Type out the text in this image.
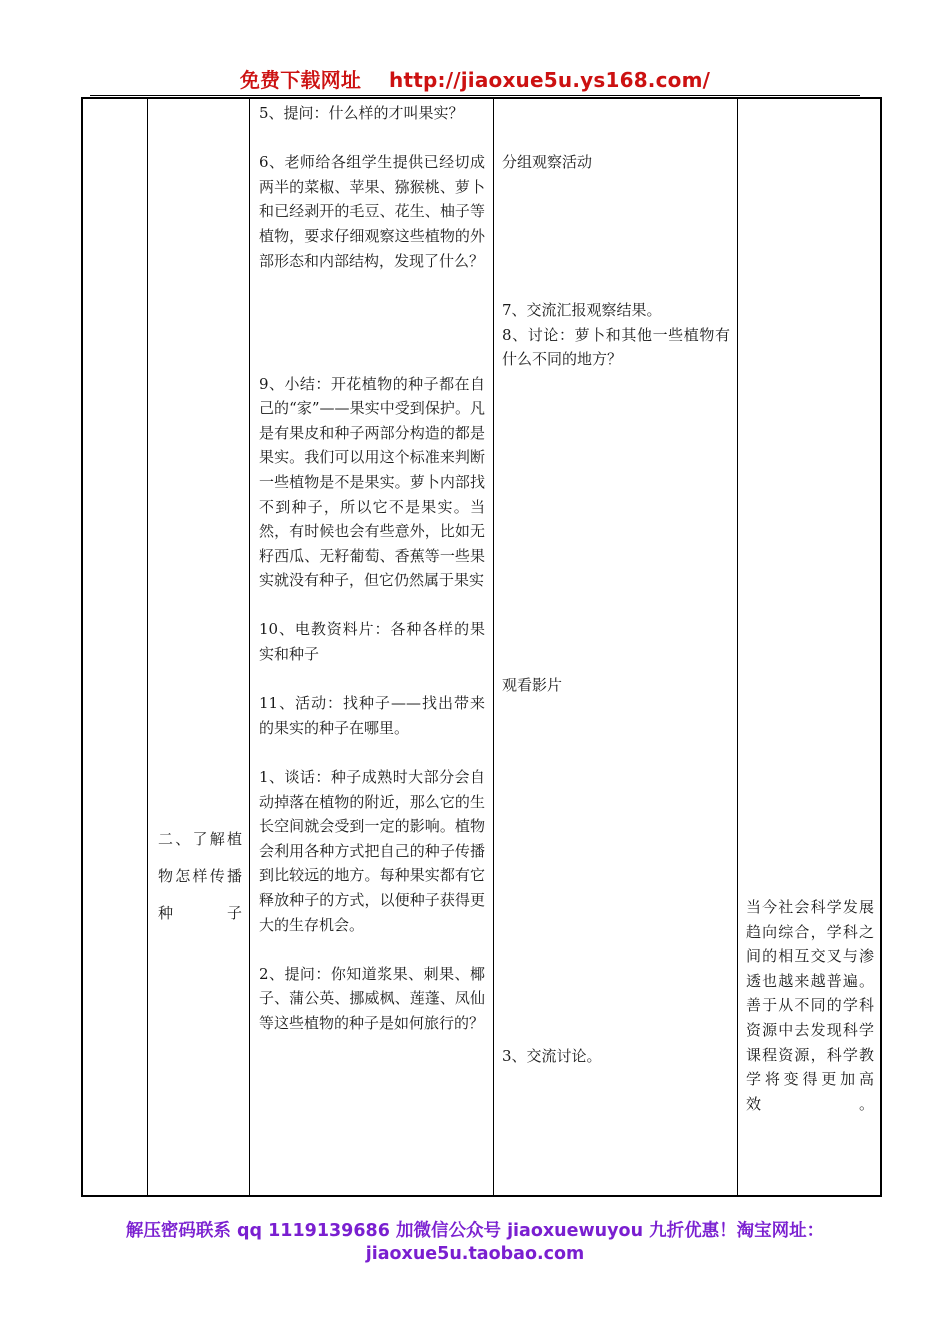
免费下载网址 http://jiaoxue5u.ys168.com/
二、了解植物怎样传播种子

5、提问：什么样的才叫果实？

6、老师给各组学生提供已经切成两半的菜椒、苹果、猕猴桃、萝卜和已经剥开的毛豆、花生、柚子等植物，要求仔细观察这些植物的外部形态和内部结构，发现了什么？

9、小结：开花植物的种子都在自己的“家”——果实中受到保护。凡是有果皮和种子两部分构造的都是果实。我们可以用这个标准来判断一些植物是不是果实。萝卜内部找不到种子，所以它不是果实。当然，有时候也会有些意外，比如无籽西瓜、无籽葡萄、香蕉等一些果实就没有种子，但它仍然属于果实

10、电教资料片：各种各样的果实和种子

11、活动：找种子——找出带来的果实的种子在哪里。

1、谈话：种子成熟时大部分会自动掉落在植物的附近，那么它的生长空间就会受到一定的影响。植物会利用各种方式把自己的种子传播到比较远的地方。每种果实都有它释放种子的方式，以便种子获得更大的生存机会。

2、提问：你知道浆果、刺果、椰子、蒲公英、挪威枫、莲蓬、凤仙等这些植物的种子是如何旅行的？

分组观察活动

7、交流汇报观察结果。

8、讨论：萝卜和其他一些植物有什么不同的地方？

观看影片
3、交流讨论。
当今社会科学发展趋向综合，学科之间的相互交叉与渗透也越来越普遍。善于从不同的学科资源中去发现科学课程资源，科学教学将变得更加高效。
解压密码联系 qq 1119139686 加微信公众号 jiaoxuewuyou 九折优惠！淘宝网址：
jiaoxue5u.taobao.com
